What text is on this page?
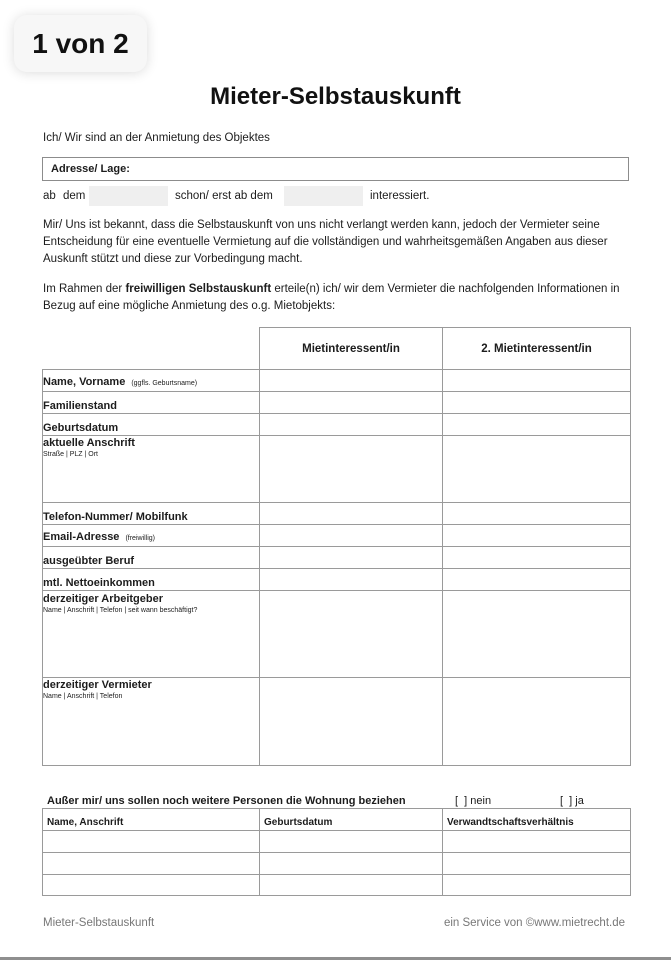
1 von 2
Mieter-Selbstauskunft
Ich/ Wir sind an der Anmietung des Objektes
Adresse/ Lage:
ab dem	schon/ erst ab dem	interessiert.
Mir/ Uns ist bekannt, dass die Selbstauskunft von uns nicht verlangt werden kann, jedoch der Vermieter seine
Entscheidung für eine eventuelle Vermietung auf die vollständigen und wahrheitsgemäßen Angaben aus dieser
Auskunft stützt und diese zur Vorbedingung macht.
Im Rahmen der freiwilligen Selbstauskunft erteile(n) ich/ wir dem Vermieter die nachfolgenden Informationen in
Bezug auf eine mögliche Anmietung des o.g. Mietobjekts:
	Mietinteressent/in	2. Mietinteressent/in
Name, Vorname (ggfls. Geburtsname)		
Familienstand		
Geburtsdatum		
aktuelle Anschrift
Straße | PLZ | Ort		

Telefon-Nummer/ Mobilfunk		
Email-Adresse (freiwillig)		
ausgeübter Beruf		
mtl. Nettoeinkommen		
derzeitiger Arbeitgeber
Name | Anschrift | Telefon | seit wann beschäftigt?		

derzeitiger Vermieter
Name | Anschrift | Telefon		

Außer mir/ uns sollen noch weitere Personen die Wohnung beziehen	[  ] nein	[  ] ja
Name, Anschrift	Geburtsdatum	Verwandtschaftsverhältnis

Mieter-Selbstauskunft	ein Service von ©www.mietrecht.de
